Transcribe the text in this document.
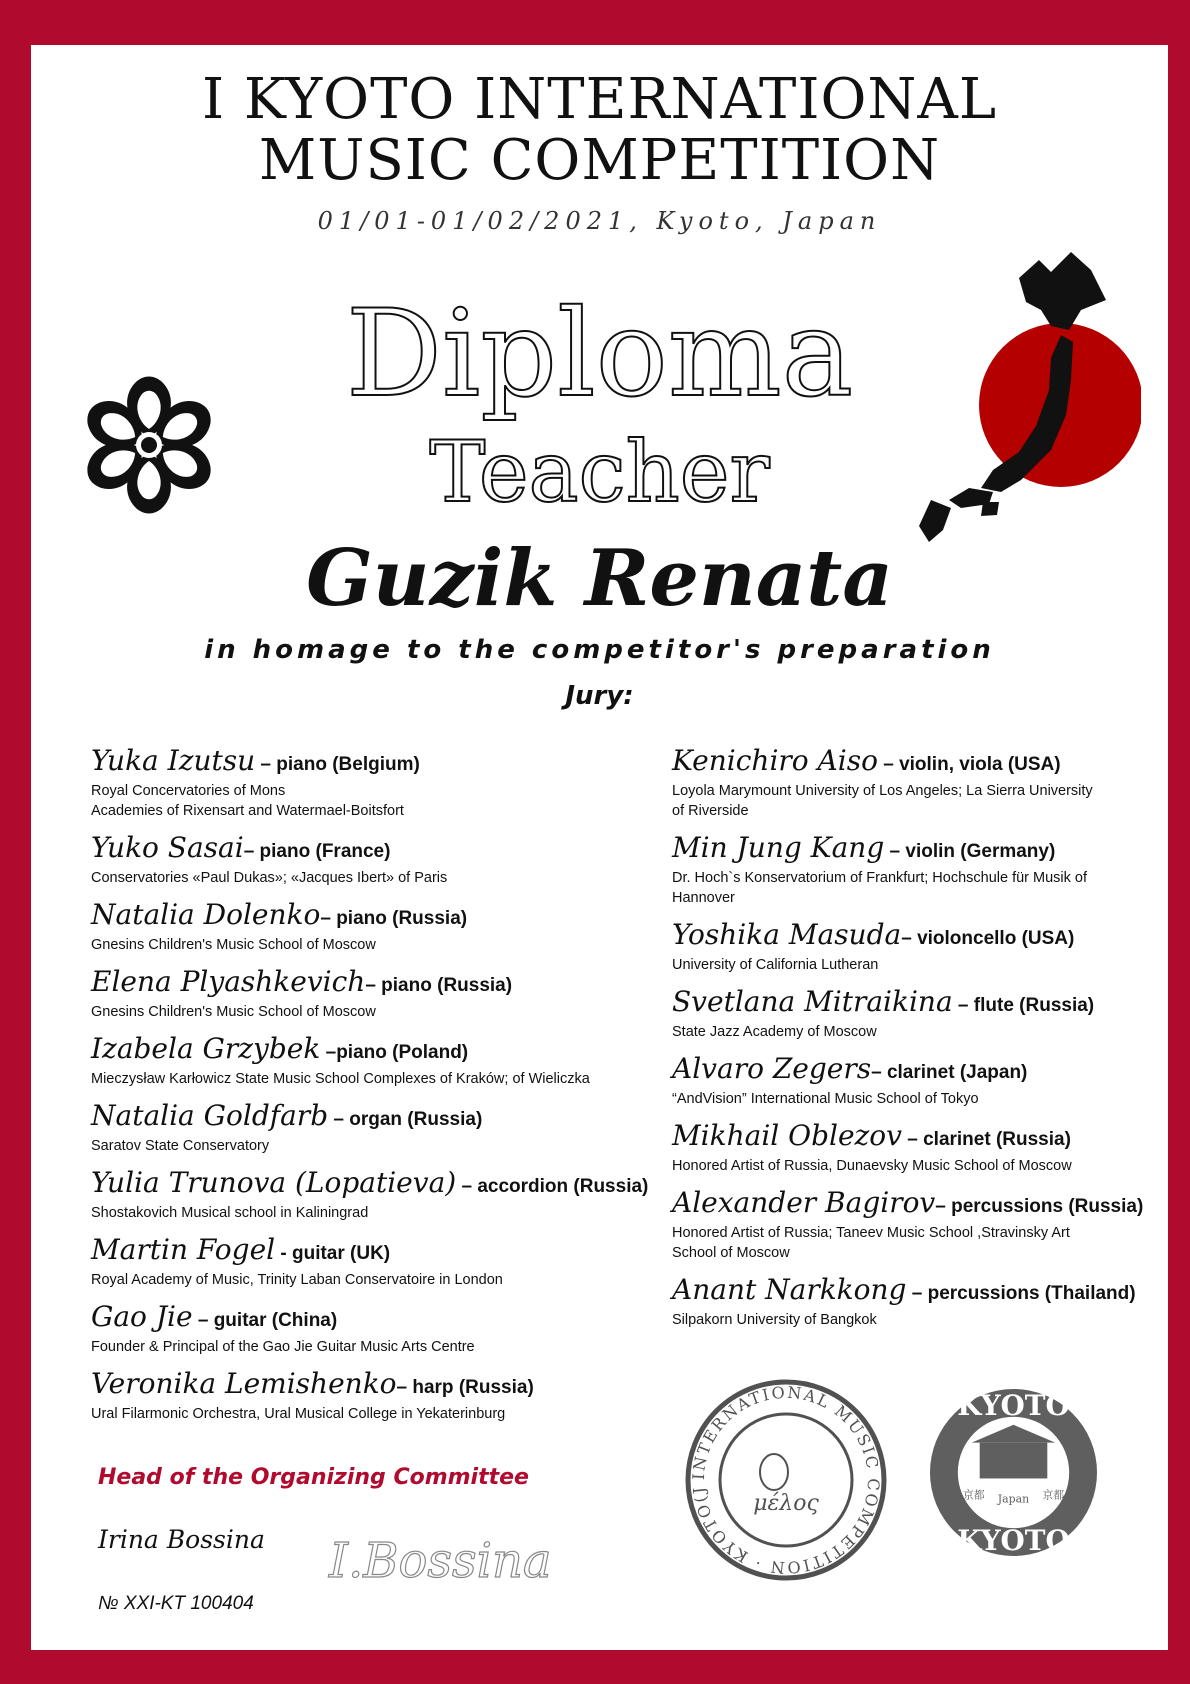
I KYOTO INTERNATIONAL
MUSIC COMPETITION
01/01-01/02/2021, Kyoto, Japan
Diploma
Teacher
Guzik Renata
in homage to the competitor's preparation
Jury:
Yuka Izutsu – piano (Belgium)
Royal Concervatories of Mons
Academies of Rixensart and Watermael-Boitsfort
Yuko Sasai– piano (France)
Conservatories «Paul Dukas»; «Jacques Ibert» of Paris
Natalia Dolenko– piano (Russia)
Gnesins Children's Music School of Moscow
Elena Plyashkevich– piano (Russia)
Gnesins Children's Music School of Moscow
Izabela Grzybek –piano (Poland)
Mieczysław Karłowicz State Music School Complexes of Kraków; of Wieliczka
Natalia Goldfarb – organ (Russia)
Saratov State Conservatory
Yulia Trunova (Lopatieva) – accordion (Russia)
Shostakovich Musical school in Kaliningrad
Martin Fogel - guitar (UK)
Royal Academy of Music, Trinity Laban Conservatoire in London
Gao Jie – guitar (China)
Founder & Principal of the Gao Jie Guitar Music Arts Centre
Veronika Lemishenko– harp (Russia)
Ural Filarmonic Orchestra, Ural Musical College in Yekaterinburg
Kenichiro Aiso – violin, viola (USA)
Loyola Marymount University of Los Angeles; La Sierra University
of Riverside
Min Jung Kang – violin (Germany)
Dr. Hoch`s Konservatorium of Frankfurt; Hochschule für Musik of
Hannover
Yoshika Masuda– violoncello (USA)
University of California Lutheran
Svetlana Mitraikina – flute (Russia)
State Jazz Academy of Moscow
Alvaro Zegers– clarinet (Japan)
“AndVision” International Music School of Tokyo
Mikhail Oblezov – clarinet (Russia)
Honored Artist of Russia, Dunaevsky Music School of Moscow
Alexander Bagirov– percussions (Russia)
Honored Artist of Russia; Taneev Music School ,Stravinsky Art
School of Moscow
Anant Narkkong – percussions (Thailand)
Silpakorn University of Bangkok
INTERNATIONAL MUSIC COMPETITION · KYOTO(JAPAN) ·
μέλος
KYOTO
KYOTO
京都	京都
Japan
Head of the Organizing Committee
Irina Bossina I.Bossina
№ XXI-KT 100404
